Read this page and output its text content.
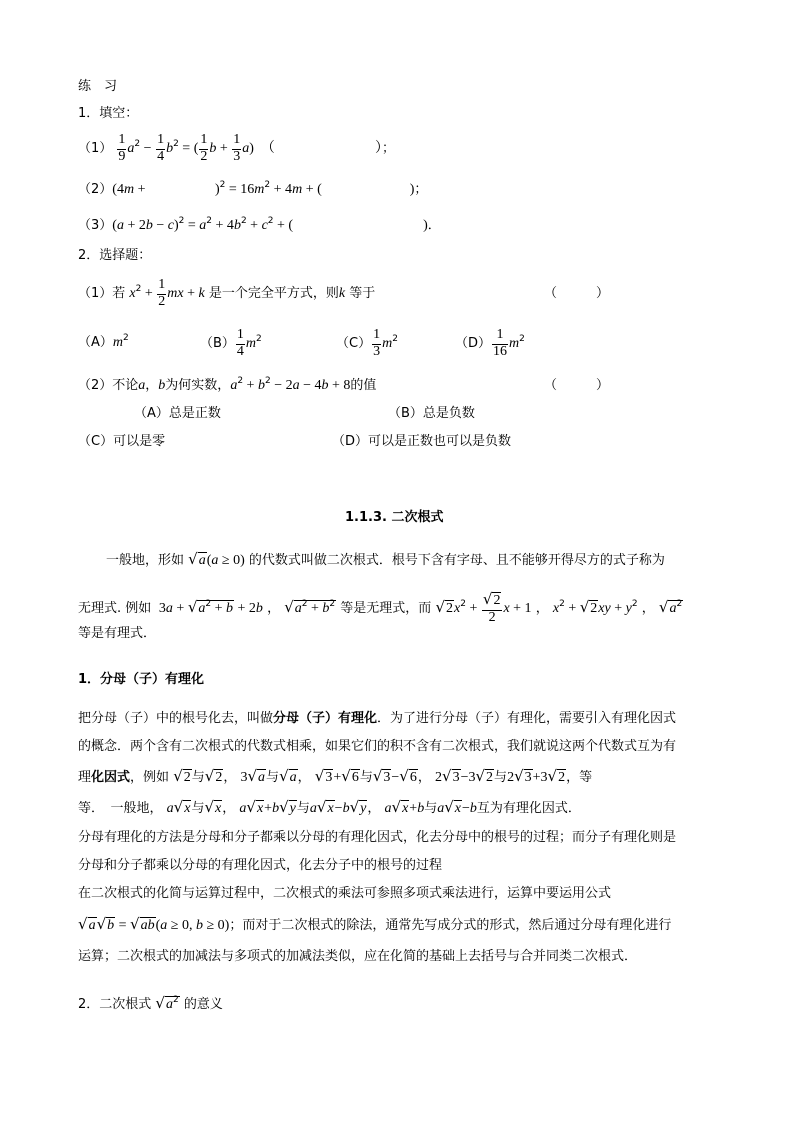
练　习
1．填空：
$(1) \frac{1}{9} a^2 - \frac{1}{4} b^2$ = ( $\frac{1}{2}$ $b + \frac{1}{3} a$)　（	）；
（2）(4m +	)$^2 = 16m^2 + 4m$ + (	)；
$(3)(a + 2b - c)^2 = a^2 + 4b^2 + c^2$ + (	)．
2．选择题：
（1）若 $x^2 + \frac{1}{2}$ mx + k 是一个完全平方式，则k 等于	（　　　）
$(A)m^2$	$(B) \frac{1}{4} m^2$	$(C) \frac{1}{3} m^2$	$(D) \frac{1}{16} m^2$
（2）不论a，b为何实数，$a^2 + b^2 - 2a - 4b + 8$的值	（　　　）
（A）总是正数	（B）总是负数
（C）可以是零	（D）可以是正数也可以是负数
1.1.3. 二次根式
一般地，形如 √a(a ≥ 0) 的代数式叫做二次根式．根号下含有字母、且不能够开得尽方的式子称为
无理式. 例如  $3a + √a^2 + b + 2b$ ， $√a^2 + b^2$ 等是无理式，而 $√2x^2 + \frac{√2}{2}$ x + 1 ， $x^2 + √2xy + y^2$ ， $√a^2$
等是有理式．
1．分母（子）有理化
把分母（子）中的根号化去，叫做分母（子）有理化．为了进行分母（子）有理化，需要引入有理化因式
的概念．两个含有二次根式的代数式相乘，如果它们的积不含有二次根式，我们就说这两个代数式互为有
理化因式，例如 √2与√2， 3√a与√a， √3+√6与√3−√6， 2√3−3√2与2√3+3√2，等
等．　一般地， a√x与√x， a√x+b√y与a√x−b√y， a√x+b与a√x−b互为有理化因式．
分母有理化的方法是分母和分子都乘以分母的有理化因式，化去分母中的根号的过程；而分子有理化则是
分母和分子都乘以分母的有理化因式，化去分子中的根号的过程
在二次根式的化简与运算过程中，二次根式的乘法可参照多项式乘法进行，运算中要运用公式
√a√b = √ab(a ≥ 0, b ≥ 0)；而对于二次根式的除法，通常先写成分式的形式，然后通过分母有理化进行
运算；二次根式的加减法与多项式的加减法类似，应在化简的基础上去括号与合并同类二次根式．
2．二次根式 $√a^2$ 的意义
